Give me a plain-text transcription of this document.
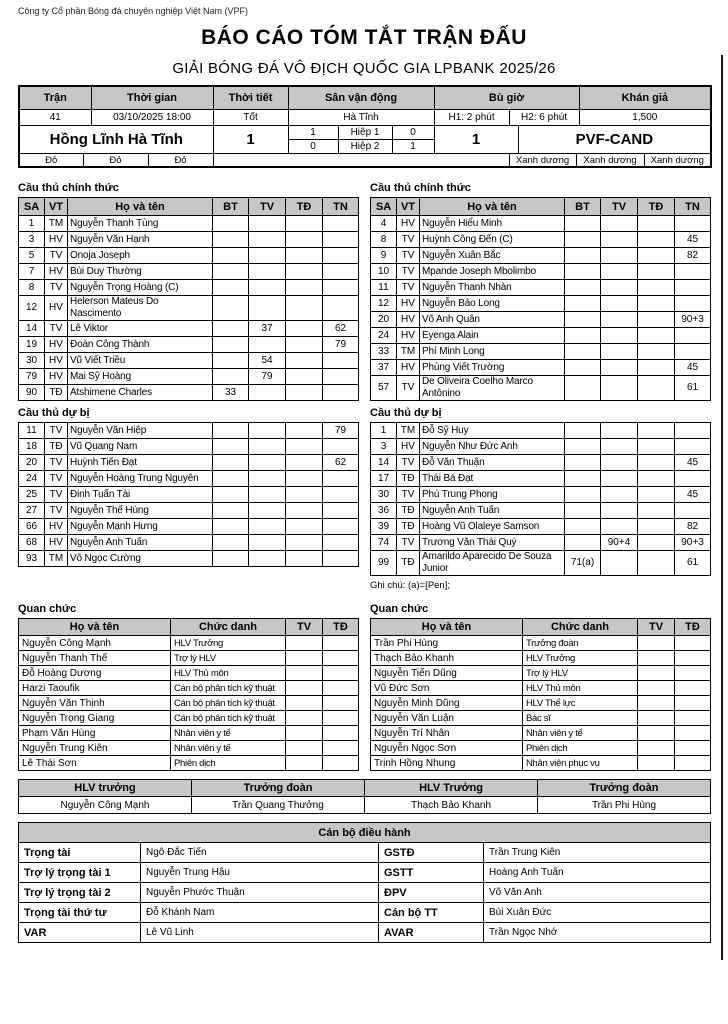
Công ty Cổ phần Bóng đá chuyên nghiệp Việt Nam (VPF)
BÁO CÁO TÓM TẮT TRẬN ĐẤU
GIẢI BÓNG ĐÁ VÔ ĐỊCH QUỐC GIA LPBANK 2025/26
Trận		Thời gian		Thời tiết	Sân vận động			Bù giờ				Khán giả	
41		03/10/2025 18:00		Tốt	Hà Tĩnh			H1: 2 phút	H2: 6 phút			1,500	
Hồng Lĩnh Hà Tĩnh				1	1	Hiệp 1	0	1		PVF-CAND			
					0	Hiệp 2	1						
Đỏ	Đỏ		Đỏ						Xanh dương		Xanh dương		Xanh dương
Cầu thủ chính thức
SA	VT	Họ và tên	BT	TV	TĐ	TN
1	TM	Nguyễn Thanh Tùng				
3	HV	Nguyễn Văn Hạnh				
5	TV	Onoja Joseph				
7	HV	Bùi Duy Thường				
8	TV	Nguyễn Trọng Hoàng (C)				
12	HV	Helerson Mateus Do Nascimento				
14	TV	Lê Viktor		37		62
19	HV	Đoàn Công Thành				79
30	HV	Vũ Viết Triều		54		
79	HV	Mai Sỹ Hoàng		79		
90	TĐ	Atshimene Charles	33			
Cầu thủ dự bị
11	TV	Nguyễn Văn Hiệp				79
18	TĐ	Vũ Quang Nam				
20	TV	Huỳnh Tiến Đạt				62
24	TV	Nguyễn Hoàng Trung Nguyên				
25	TV	Đinh Tuấn Tài				
27	TV	Nguyễn Thế Hùng				
66	HV	Nguyễn Mạnh Hưng				
68	HV	Nguyễn Anh Tuấn				
93	TM	Võ Ngọc Cường				
Cầu thủ chính thức
SA	VT	Họ và tên	BT	TV	TĐ	TN
4	HV	Nguyễn Hiểu Minh				
8	TV	Huỳnh Công Đến (C)				45
9	TV	Nguyễn Xuân Bắc				82
10	TV	Mpande Joseph Mbolimbo				
11	TV	Nguyễn Thanh Nhàn				
12	HV	Nguyễn Bảo Long				
20	HV	Võ Anh Quân				90+3
24	HV	Eyenga Alain				
33	TM	Phí Minh Long				
37	HV	Phùng Viết Trường				45
57	TV	De Oliveira Coelho Marco Antônino				61
Cầu thủ dự bị
1	TM	Đỗ Sỹ Huy				
3	HV	Nguyễn Như Đức Anh				
14	TV	Đỗ Văn Thuận				45
17	TĐ	Thái Bá Đạt				
30	TV	Phù Trung Phong				45
36	TĐ	Nguyễn Anh Tuấn				
39	TĐ	Hoàng Vũ Olaleye Samson				82
74	TV	Trương Văn Thái Quý		90+4		90+3
99	TĐ	Amarildo Aparecido De Souza Junior	71(a)			61
Ghi chú: (a)=[Pen];
Quan chức
Họ và tên	Chức danh	TV	TĐ
Nguyễn Công Mạnh	HLV Trưởng		
Nguyễn Thanh Thế	Trợ lý HLV		
Đỗ Hoàng Dương	HLV Thủ môn		
Harzi Taoufik	Cán bộ phân tích kỹ thuật		
Nguyễn Văn Thịnh	Cán bộ phân tích kỹ thuật		
Nguyễn Trọng Giang	Cán bộ phân tích kỹ thuật		
Phạm Văn Hùng	Nhân viên y tế		
Nguyễn Trung Kiên	Nhân viên y tế		
Lê Thái Sơn	Phiên dịch		
Quan chức
Họ và tên	Chức danh	TV	TĐ
Trần Phi Hùng	Trưởng đoàn		
Thạch Bảo Khanh	HLV Trưởng		
Nguyễn Tiến Dũng	Trợ lý HLV		
Vũ Đức Sơn	HLV Thủ môn		
Nguyễn Minh Dũng	HLV Thể lực		
Nguyễn Văn Luận	Bác sĩ		
Nguyễn Trí Nhân	Nhân viên y tế		
Nguyễn Ngọc Sơn	Phiên dịch		
Trịnh Hồng Nhung	Nhân viên phục vụ		
HLV trưởng	Trưởng đoàn	HLV Trưởng	Trưởng đoàn
Nguyễn Công Mạnh	Trần Quang Thưởng	Thạch Bảo Khanh	Trần Phi Hùng
Cán bộ điều hành			
Trọng tài	Ngô Đắc Tiến	GSTĐ	Trần Trung Kiên
Trợ lý trọng tài 1	Nguyễn Trung Hậu	GSTT	Hoàng Anh Tuấn
Trợ lý trọng tài 2	Nguyễn Phước Thuận	ĐPV	Võ Văn Anh
Trọng tài thứ tư	Đỗ Khánh Nam	Cán bộ TT	Bùi Xuân Đức
VAR	Lê Vũ Linh	AVAR	Trần Ngọc Nhớ
